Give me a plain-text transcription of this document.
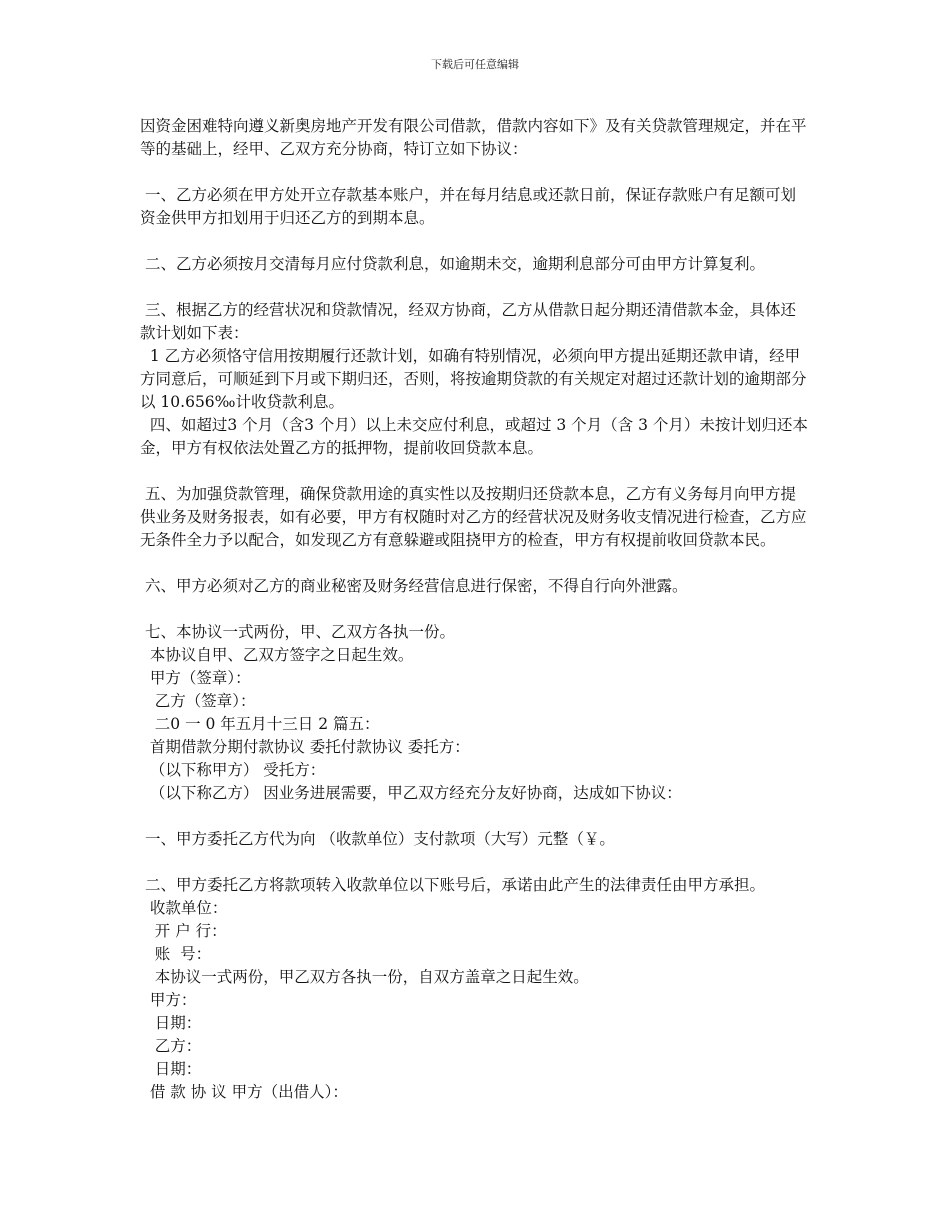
下载后可任意编辑
因资金困难特向遵义新奥房地产开发有限公司借款，借款内容如下》及有关贷款管理规定，并在平等的基础上，经甲、乙双方充分协商，特订立如下协议：
一、乙方必须在甲方处开立存款基本账户，并在每月结息或还款日前，保证存款账户有足额可划资金供甲方扣划用于归还乙方的到期本息。
二、乙方必须按月交清每月应付贷款利息，如逾期未交，逾期利息部分可由甲方计算复利。
三、根据乙方的经营状况和贷款情况，经双方协商，乙方从借款日起分期还清借款本金，具体还款计划如下表：
1 乙方必须恪守信用按期履行还款计划，如确有特别情况，必须向甲方提出延期还款申请，经甲方同意后，可顺延到下月或下期归还，否则，将按逾期贷款的有关规定对超过还款计划的逾期部分以 10.656‰计收贷款利息。
四、如超过3 个月（含3 个月）以上未交应付利息，或超过 3 个月（含 3 个月）未按计划归还本金，甲方有权依法处置乙方的抵押物，提前收回贷款本息。
五、为加强贷款管理，确保贷款用途的真实性以及按期归还贷款本息，乙方有义务每月向甲方提供业务及财务报表，如有必要，甲方有权随时对乙方的经营状况及财务收支情况进行检查，乙方应无条件全力予以配合，如发现乙方有意躲避或阻挠甲方的检查，甲方有权提前收回贷款本民。
六、甲方必须对乙方的商业秘密及财务经营信息进行保密，不得自行向外泄露。
七、本协议一式两份，甲、乙双方各执一份。
本协议自甲、乙双方签字之日起生效。
甲方（签章）：
乙方（签章）：
二0 一 0 年五月十三日 2 篇五：
首期借款分期付款协议 委托付款协议 委托方：
（以下称甲方） 受托方：
（以下称乙方） 因业务进展需要，甲乙双方经充分友好协商，达成如下协议：
一、甲方委托乙方代为向 （收款单位）支付款项（大写）元整（￥。
二、甲方委托乙方将款项转入收款单位以下账号后，承诺由此产生的法律责任由甲方承担。
收款单位：
开 户 行：
账  号：
本协议一式两份，甲乙双方各执一份，自双方盖章之日起生效。
甲方：
日期：
乙方：
日期：
借 款 协 议 甲方（出借人）：
